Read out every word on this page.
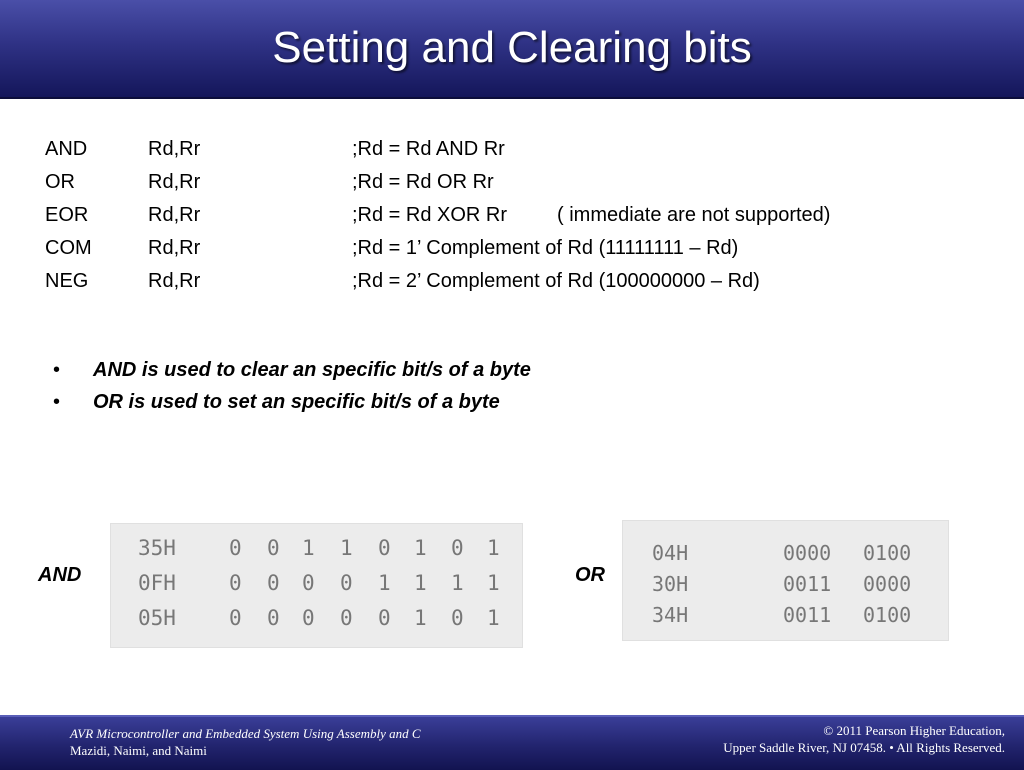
Setting and Clearing bits
AND	Rd,Rr	;Rd = Rd AND Rr
OR	Rd,Rr	;Rd = Rd OR Rr
EOR	Rd,Rr	;Rd = Rd XOR Rr ( immediate are not supported)
COM	Rd,Rr	;Rd = 1’ Complement of Rd (11111111 – Rd)
NEG	Rd,Rr	;Rd = 2’ Complement of Rd (100000000 – Rd)
• AND is used to clear an specific bit/s of a byte
• OR is used to set an specific bit/s of a byte
AND
35H	0 0 1 1 0 1 0 1
0FH	0 0 0 0 1 1 1 1
05H	0 0 0 0 0 1 0 1
OR
04H	0000 0100
30H	0011 0000
34H	0011 0100
AVR Microcontroller and Embedded System Using Assembly and C
Mazidi, Naimi, and Naimi
© 2011 Pearson Higher Education,
Upper Saddle River, NJ 07458. • All Rights Reserved.
